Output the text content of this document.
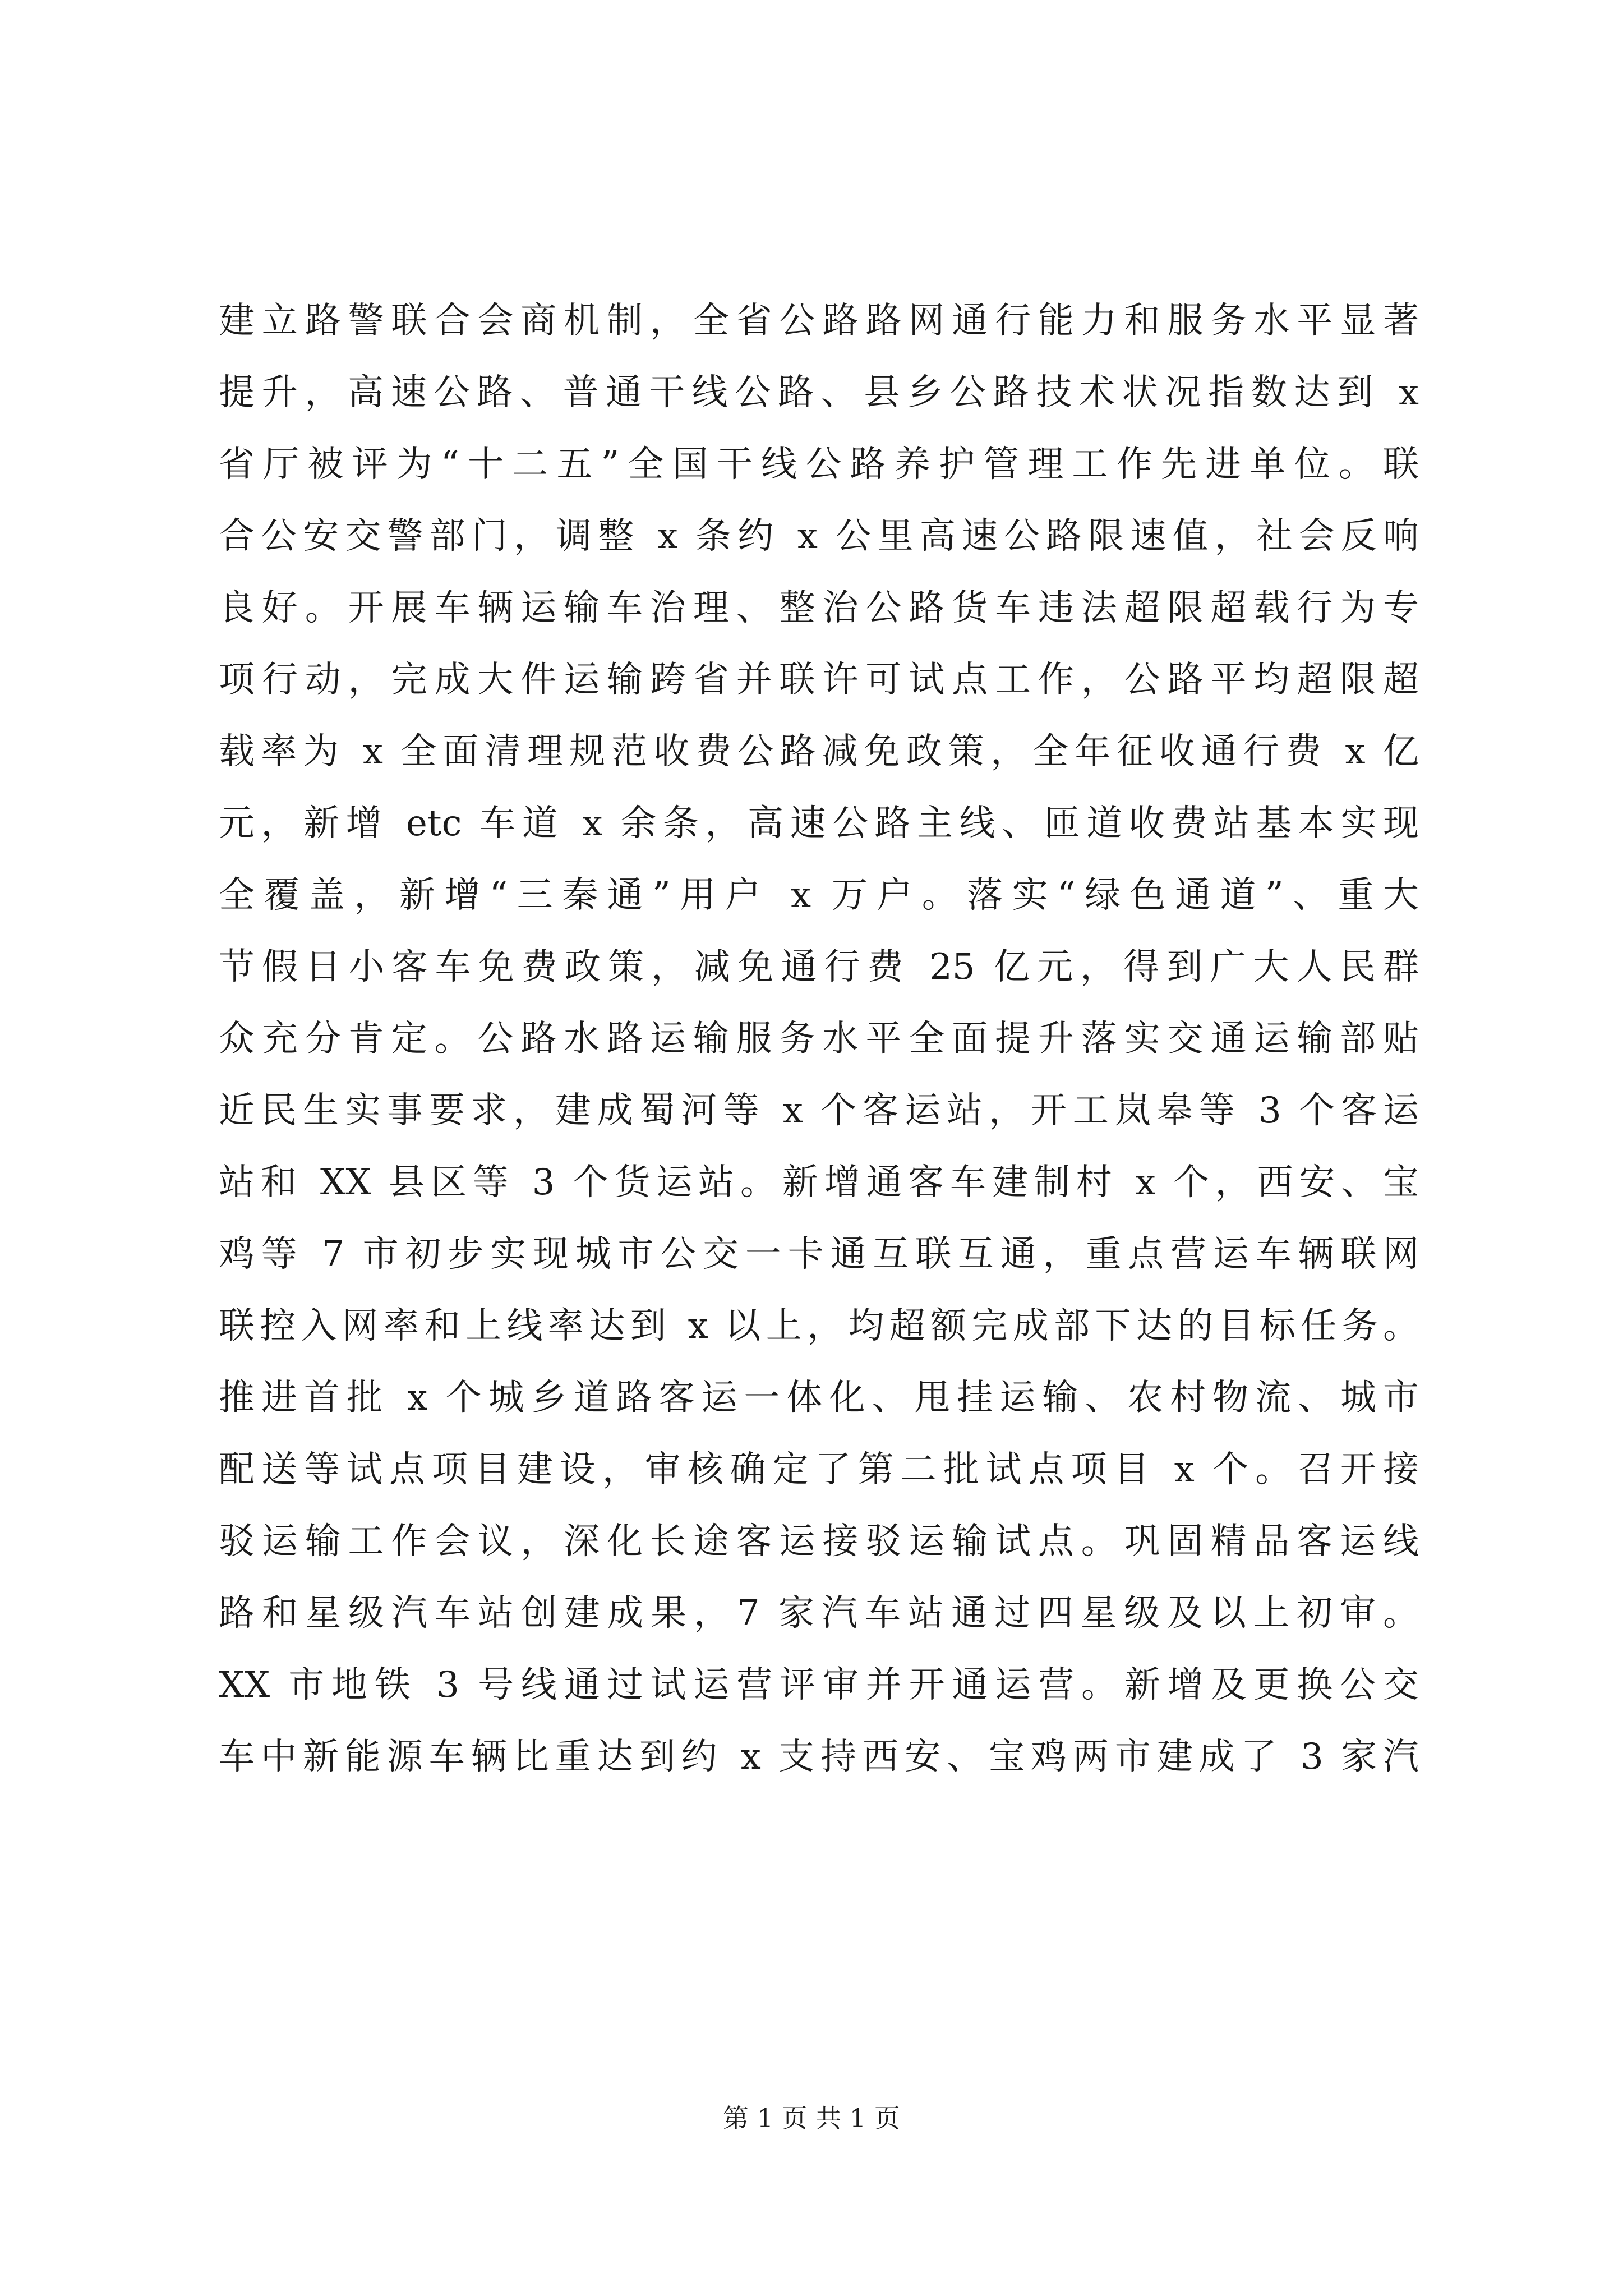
建立路警联合会商机制，全省公路路网通行能力和服务水平显著
提升，高速公路、普通干线公路、县乡公路技术状况指数达到 x
省厅被评为“十二五”全国干线公路养护管理工作先进单位。联
合公安交警部门，调整 x 条约 x 公里高速公路限速值，社会反响
良好。开展车辆运输车治理、整治公路货车违法超限超载行为专
项行动，完成大件运输跨省并联许可试点工作，公路平均超限超
载率为 x 全面清理规范收费公路减免政策，全年征收通行费 x 亿
元，新增 etc 车道 x 余条，高速公路主线、匝道收费站基本实现
全覆盖，新增“三秦通”用户 x 万户。落实“绿色通道”、重大
节假日小客车免费政策，减免通行费 25 亿元，得到广大人民群
众充分肯定。公路水路运输服务水平全面提升落实交通运输部贴
近民生实事要求，建成蜀河等 x 个客运站，开工岚皋等 3 个客运
站和 XX 县区等 3 个货运站。新增通客车建制村 x 个，西安、宝
鸡等 7 市初步实现城市公交一卡通互联互通，重点营运车辆联网
联控入网率和上线率达到 x 以上，均超额完成部下达的目标任务。
推进首批 x 个城乡道路客运一体化、甩挂运输、农村物流、城市
配送等试点项目建设，审核确定了第二批试点项目 x 个。召开接
驳运输工作会议，深化长途客运接驳运输试点。巩固精品客运线
路和星级汽车站创建成果，7 家汽车站通过四星级及以上初审。
XX 市地铁 3 号线通过试运营评审并开通运营。新增及更换公交
车中新能源车辆比重达到约 x 支持西安、宝鸡两市建成了 3 家汽
第 1 页 共 1 页
